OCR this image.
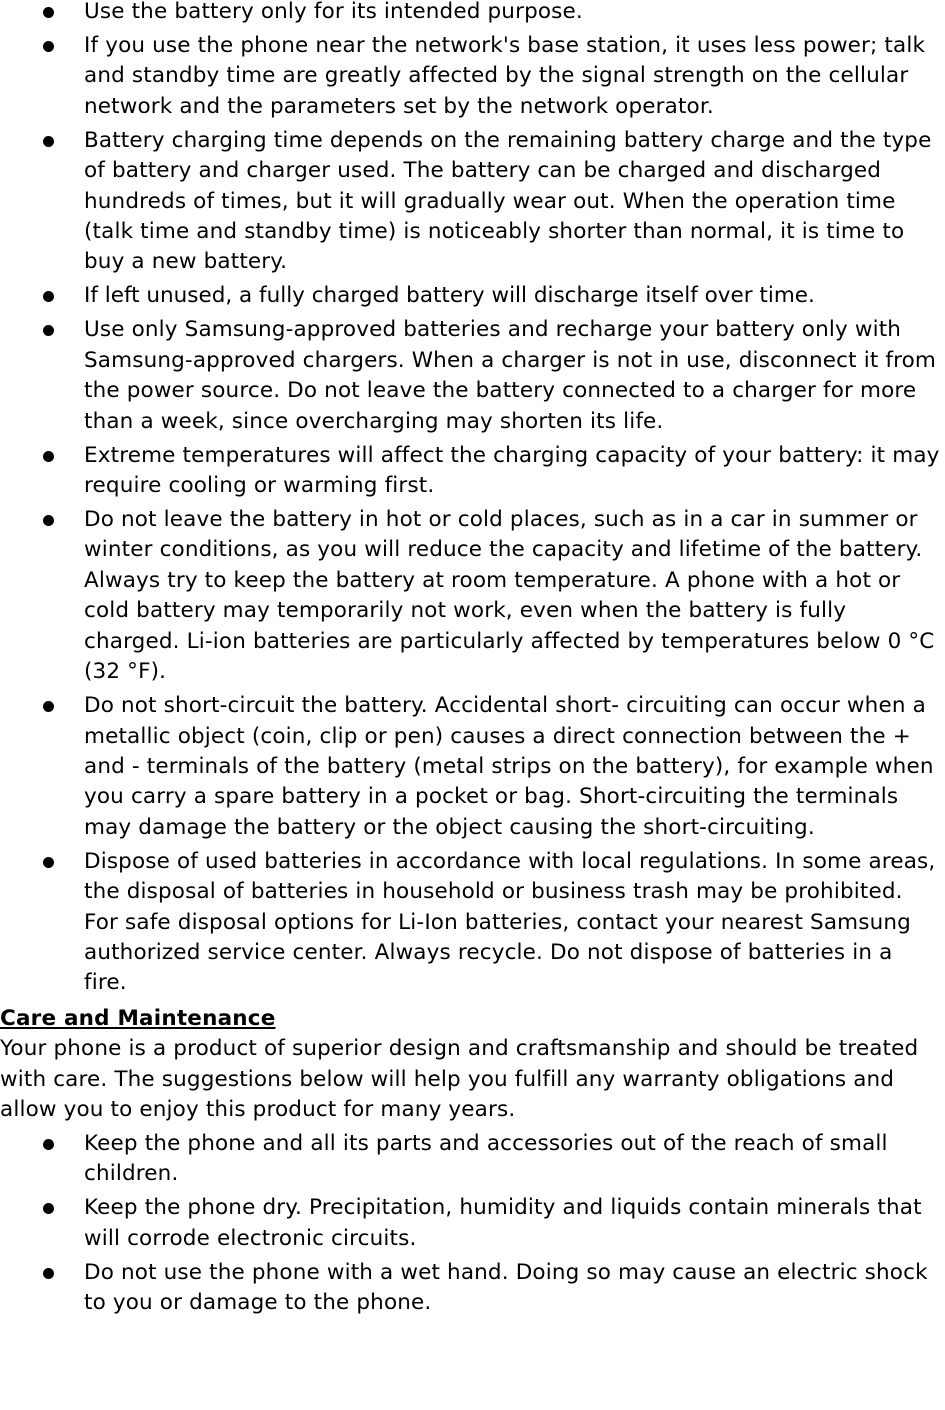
Use the battery only for its intended purpose.
If you use the phone near the network's base station, it uses less power; talk and standby time are greatly affected by the signal strength on the cellular network and the parameters set by the network operator.
Battery charging time depends on the remaining battery charge and the type of battery and charger used. The battery can be charged and discharged hundreds of times, but it will gradually wear out. When the operation time (talk time and standby time) is noticeably shorter than normal, it is time to buy a new battery.
If left unused, a fully charged battery will discharge itself over time.
Use only Samsung-approved batteries and recharge your battery only with Samsung-approved chargers. When a charger is not in use, disconnect it from the power source. Do not leave the battery connected to a charger for more than a week, since overcharging may shorten its life.
Extreme temperatures will affect the charging capacity of your battery: it may require cooling or warming first.
Do not leave the battery in hot or cold places, such as in a car in summer or winter conditions, as you will reduce the capacity and lifetime of the battery. Always try to keep the battery at room temperature. A phone with a hot or cold battery may temporarily not work, even when the battery is fully charged. Li-ion batteries are particularly affected by temperatures below 0 °C (32 °F).
Do not short-circuit the battery. Accidental short- circuiting can occur when a metallic object (coin, clip or pen) causes a direct connection between the + and - terminals of the battery (metal strips on the battery), for example when you carry a spare battery in a pocket or bag. Short-circuiting the terminals may damage the battery or the object causing the short-circuiting.
Dispose of used batteries in accordance with local regulations. In some areas, the disposal of batteries in household or business trash may be prohibited. For safe disposal options for Li-Ion batteries, contact your nearest Samsung authorized service center. Always recycle. Do not dispose of batteries in a fire.
Care and Maintenance

Your phone is a product of superior design and craftsmanship and should be treated with care. The suggestions below will help you fulfill any warranty obligations and allow you to enjoy this product for many years.

Keep the phone and all its parts and accessories out of the reach of small children.
Keep the phone dry. Precipitation, humidity and liquids contain minerals that will corrode electronic circuits.
Do not use the phone with a wet hand. Doing so may cause an electric shock to you or damage to the phone.
